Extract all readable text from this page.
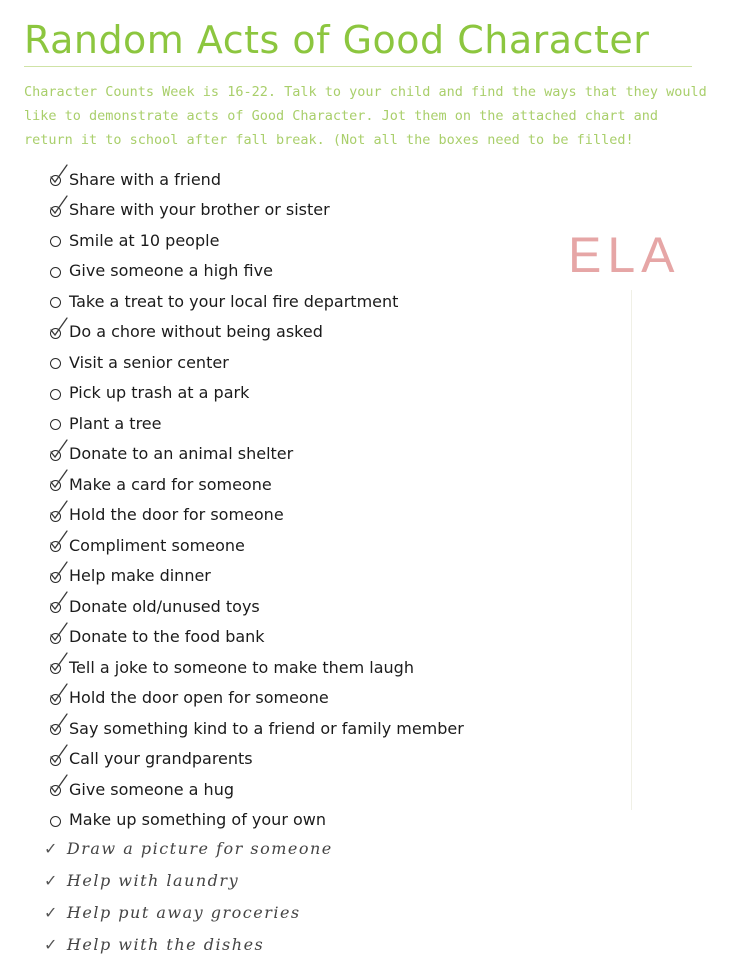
Random Acts of Good Character
Character Counts Week is 16-22. Talk to your child and find the ways that they would like to demonstrate acts of Good Character. Jot them on the attached chart and return it to school after fall break. (Not all the boxes need to be filled!
ELA
Share with a friend
Share with your brother or sister
Smile at 10 people
Give someone a high five
Take a treat to your local fire department
Do a chore without being asked
Visit a senior center
Pick up trash at a park
Plant a tree
Donate to an animal shelter
Make a card for someone
Hold the door for someone
Compliment someone
Help make dinner
Donate old/unused toys
Donate to the food bank
Tell a joke to someone to make them laugh
Hold the door open for someone
Say something kind to a friend or family member
Call your grandparents
Give someone a hug
Make up something of your own
✓ Draw a picture for someone
✓ Help with laundry
✓ Help put away groceries
✓ Help with the dishes
